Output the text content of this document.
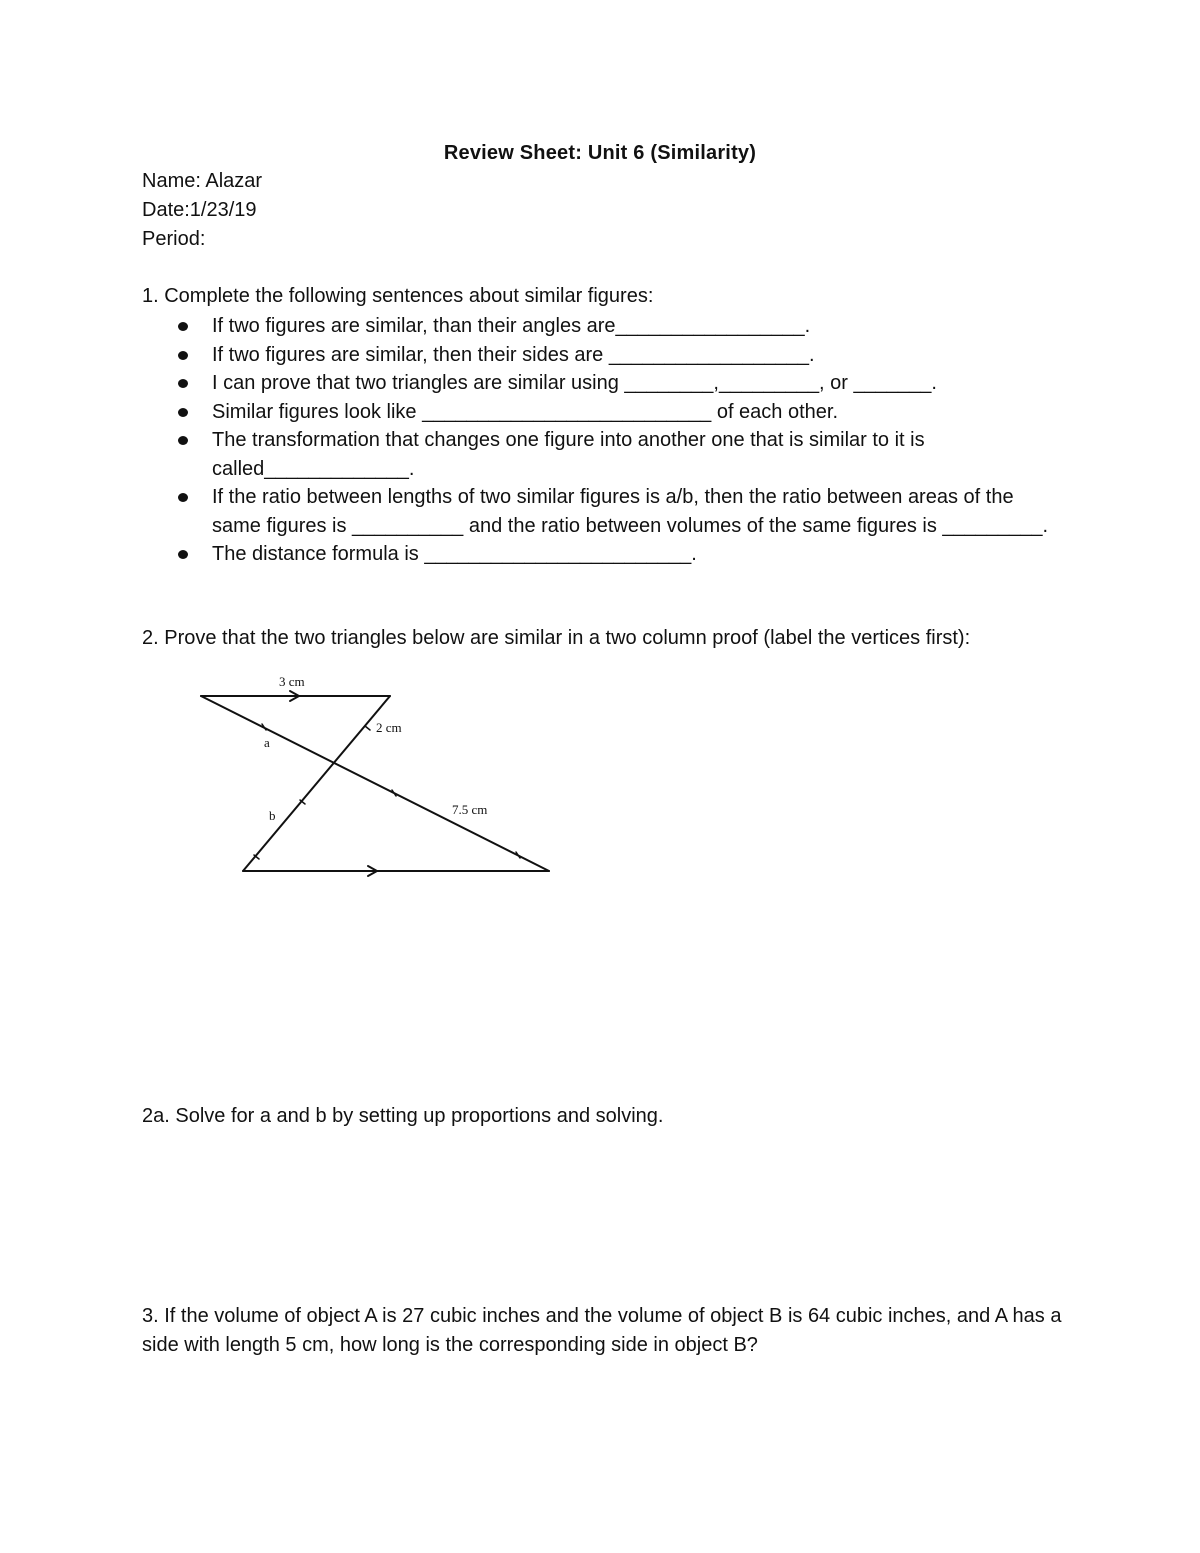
Review Sheet: Unit 6 (Similarity)
Name: Alazar
Date:1/23/19
Period:
1. Complete the following sentences about similar figures:
If two figures are similar, than their angles are_________________.
If two figures are similar, then their sides are __________________.
I can prove that two triangles are similar using ________,_________, or _______.
Similar figures look like __________________________ of each other.
The transformation that changes one figure into another one that is similar to it is called_____________.
If the ratio between lengths of two similar figures is a/b, then the ratio between areas of the same figures is __________ and the ratio between volumes of the same figures is _________.
The distance formula is ________________________.
2. Prove that the two triangles below are similar in a two column proof (label the vertices first):
3 cm
2 cm
a
b	7.5 cm
2a. Solve for a and b by setting up proportions and solving.
3. If the volume of object A is 27 cubic inches and the volume of object B is 64 cubic inches, and A has a side with length 5 cm, how long is the corresponding side in object B?
